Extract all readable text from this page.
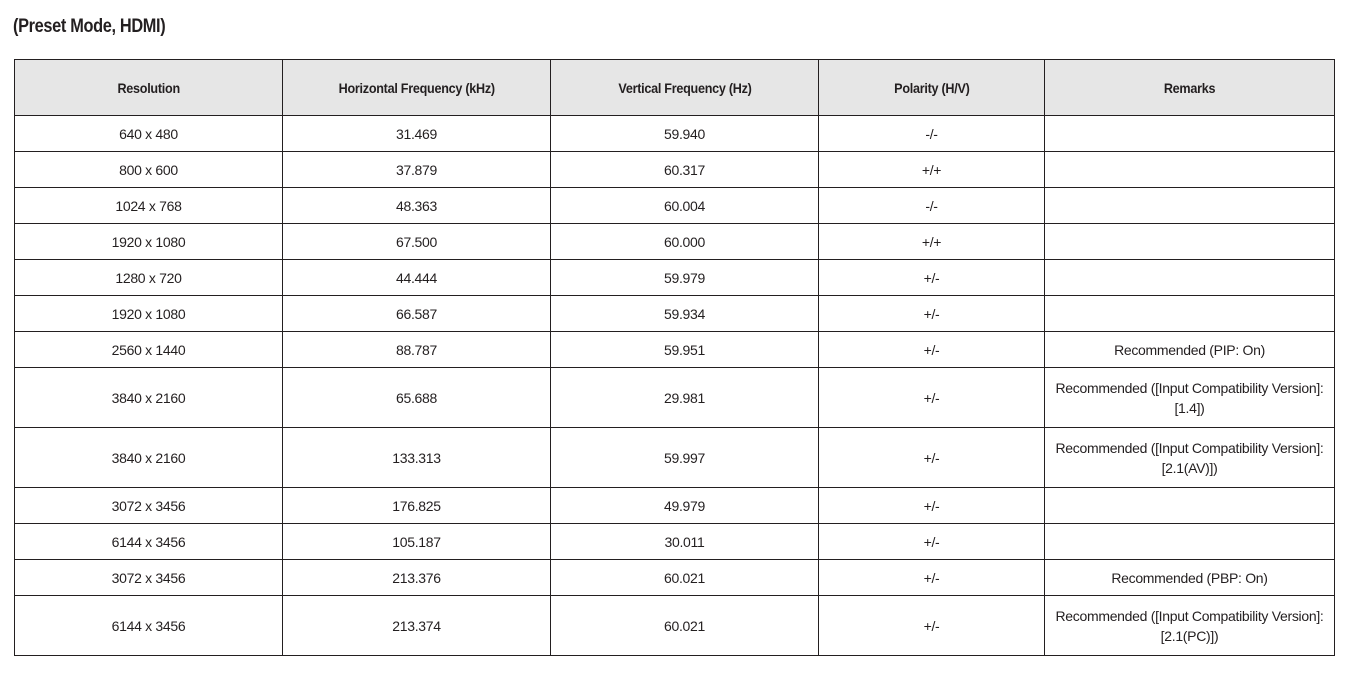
(Preset Mode, HDMI)
Resolution	Horizontal Frequency (kHz)	Vertical Frequency (Hz)	Polarity (H/V)	Remarks
640 x 480	31.469	59.940	-/-	
800 x 600	37.879	60.317	+/+	
1024 x 768	48.363	60.004	-/-	
1920 x 1080	67.500	60.000	+/+	
1280 x 720	44.444	59.979	+/-	
1920 x 1080	66.587	59.934	+/-	
2560 x 1440	88.787	59.951	+/-	Recommended (PIP: On)
3840 x 2160	65.688	29.981	+/-	Recommended ([Input Compatibility Version]: [1.4])
3840 x 2160	133.313	59.997	+/-	Recommended ([Input Compatibility Version]: [2.1(AV)])
3072 x 3456	176.825	49.979	+/-	
6144 x 3456	105.187	30.011	+/-	
3072 x 3456	213.376	60.021	+/-	Recommended (PBP: On)
6144 x 3456	213.374	60.021	+/-	Recommended ([Input Compatibility Version]: [2.1(PC)])
